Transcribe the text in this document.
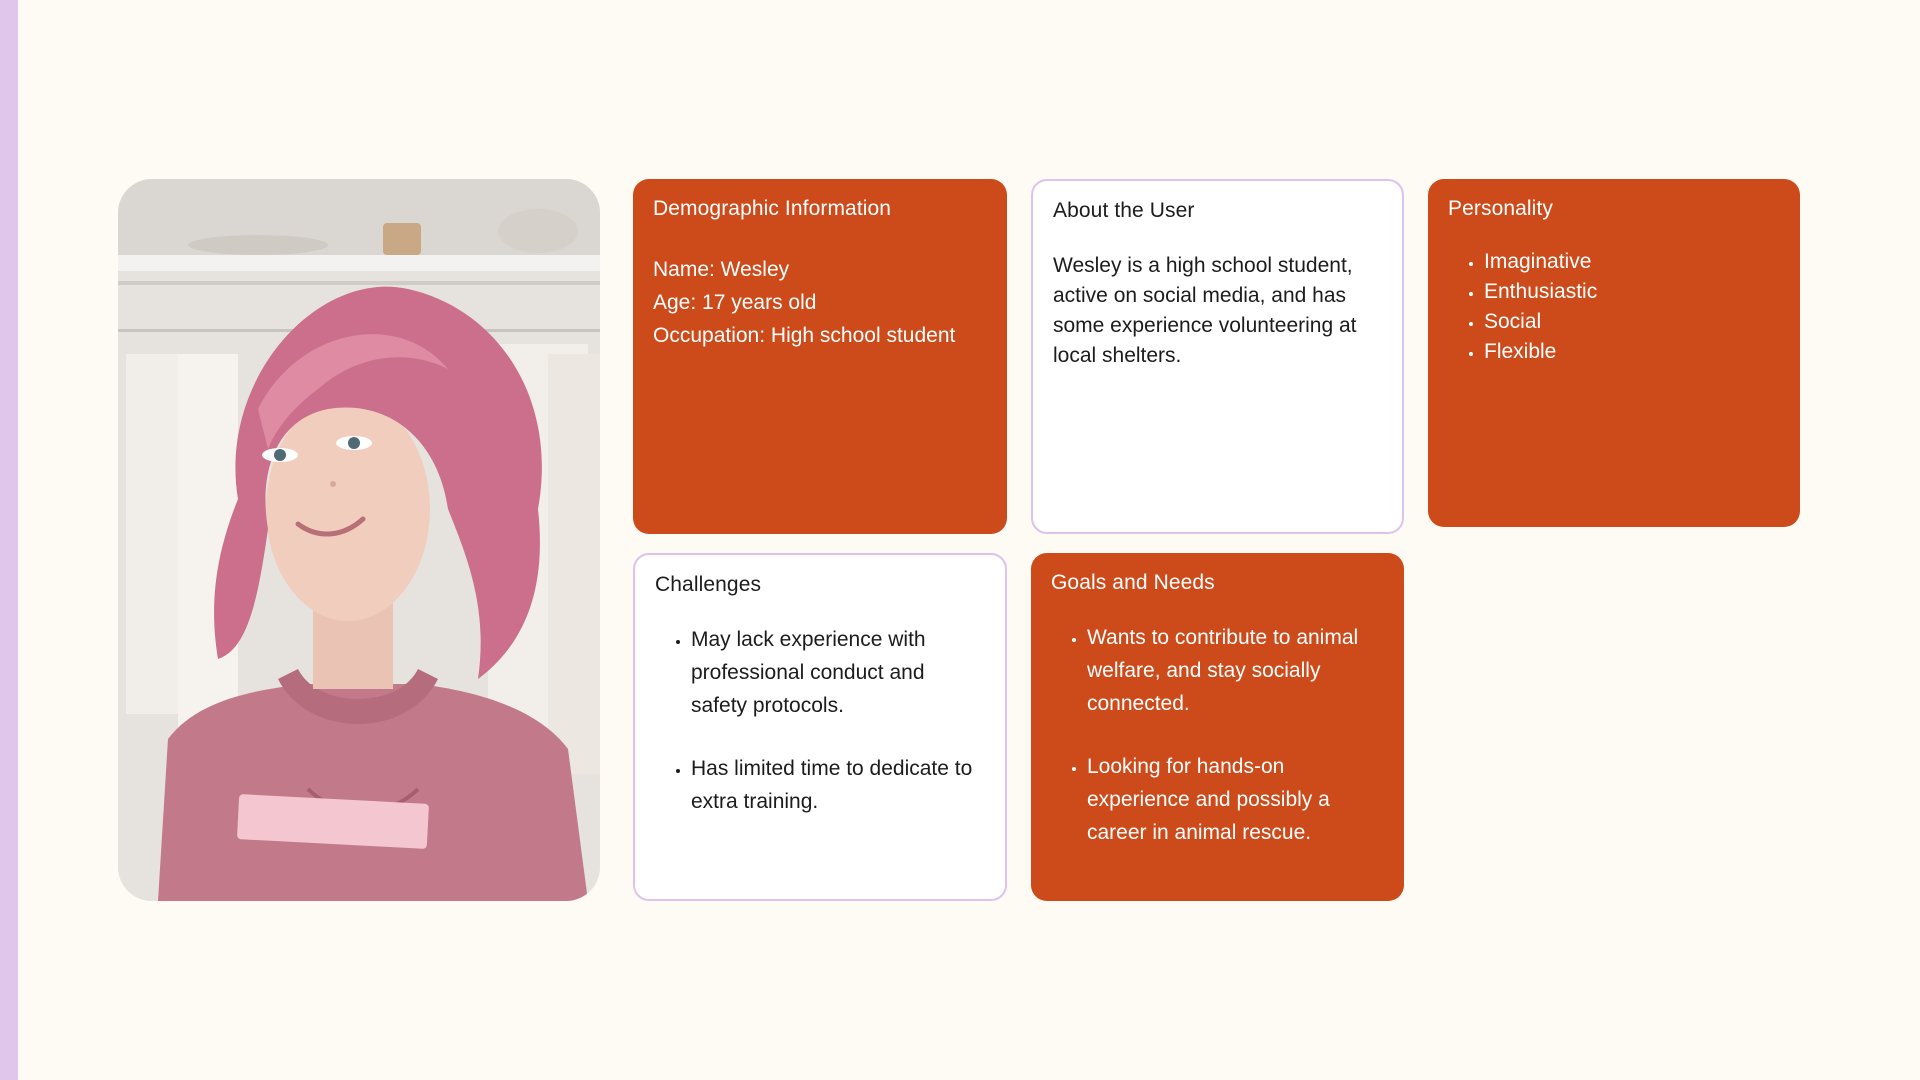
Demographic Information
Name: Wesley
Age: 17 years old
Occupation: High school student
About the User
Wesley is a high school student, active on social media, and has some experience volunteering at local shelters.
Personality
• Imaginative
• Enthusiastic
• Social
• Flexible
Challenges
• May lack experience with professional conduct and safety protocols.
• Has limited time to dedicate to extra training.
Goals and Needs
• Wants to contribute to animal welfare, and stay socially connected.
• Looking for hands-on experience and possibly a career in animal rescue.
